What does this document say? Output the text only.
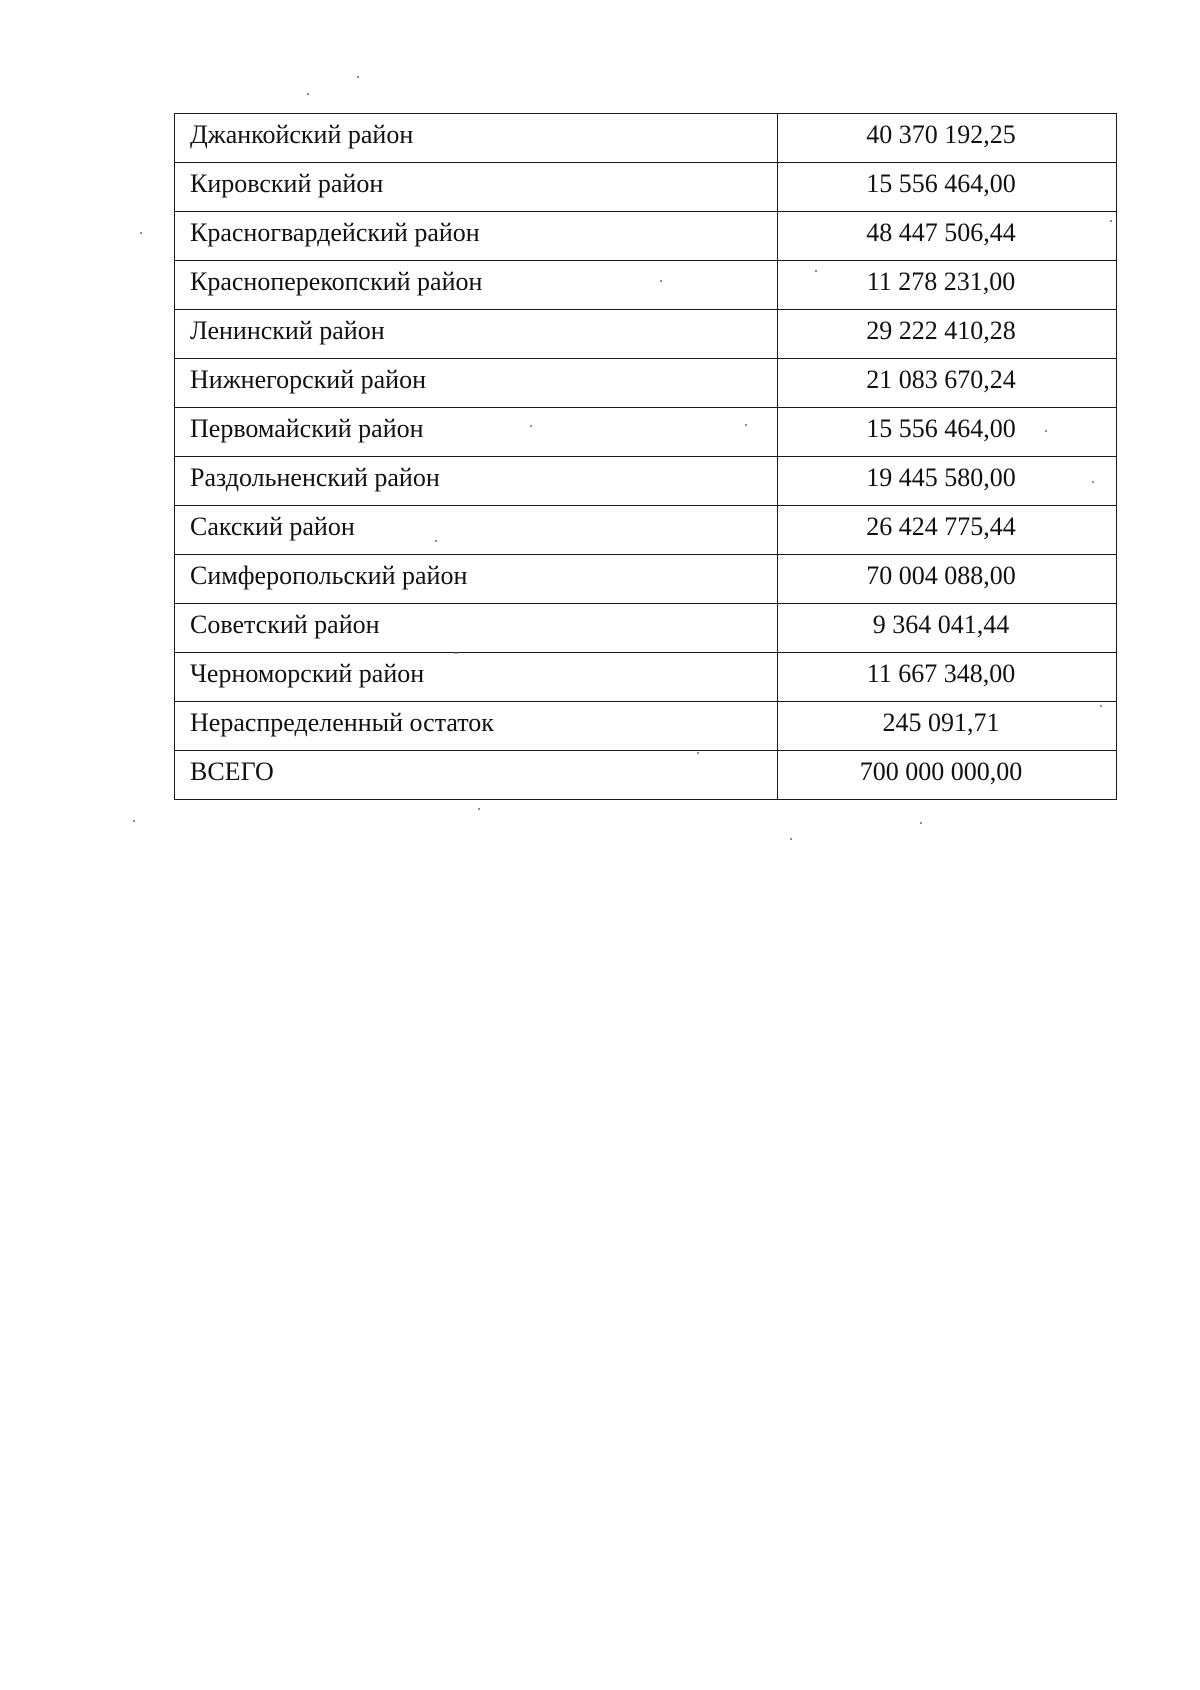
Джанкойский район	40 370 192,25
Кировский район	15 556 464,00
Красногвардейский район	48 447 506,44
Красноперекопский район	11 278 231,00
Ленинский район	29 222 410,28
Нижнегорский район	21 083 670,24
Первомайский район	15 556 464,00
Раздольненский район	19 445 580,00
Сакский район	26 424 775,44
Симферопольский район	70 004 088,00
Советский район	9 364 041,44
Черноморский район	11 667 348,00
Нераспределенный остаток	245 091,71
ВСЕГО	700 000 000,00
